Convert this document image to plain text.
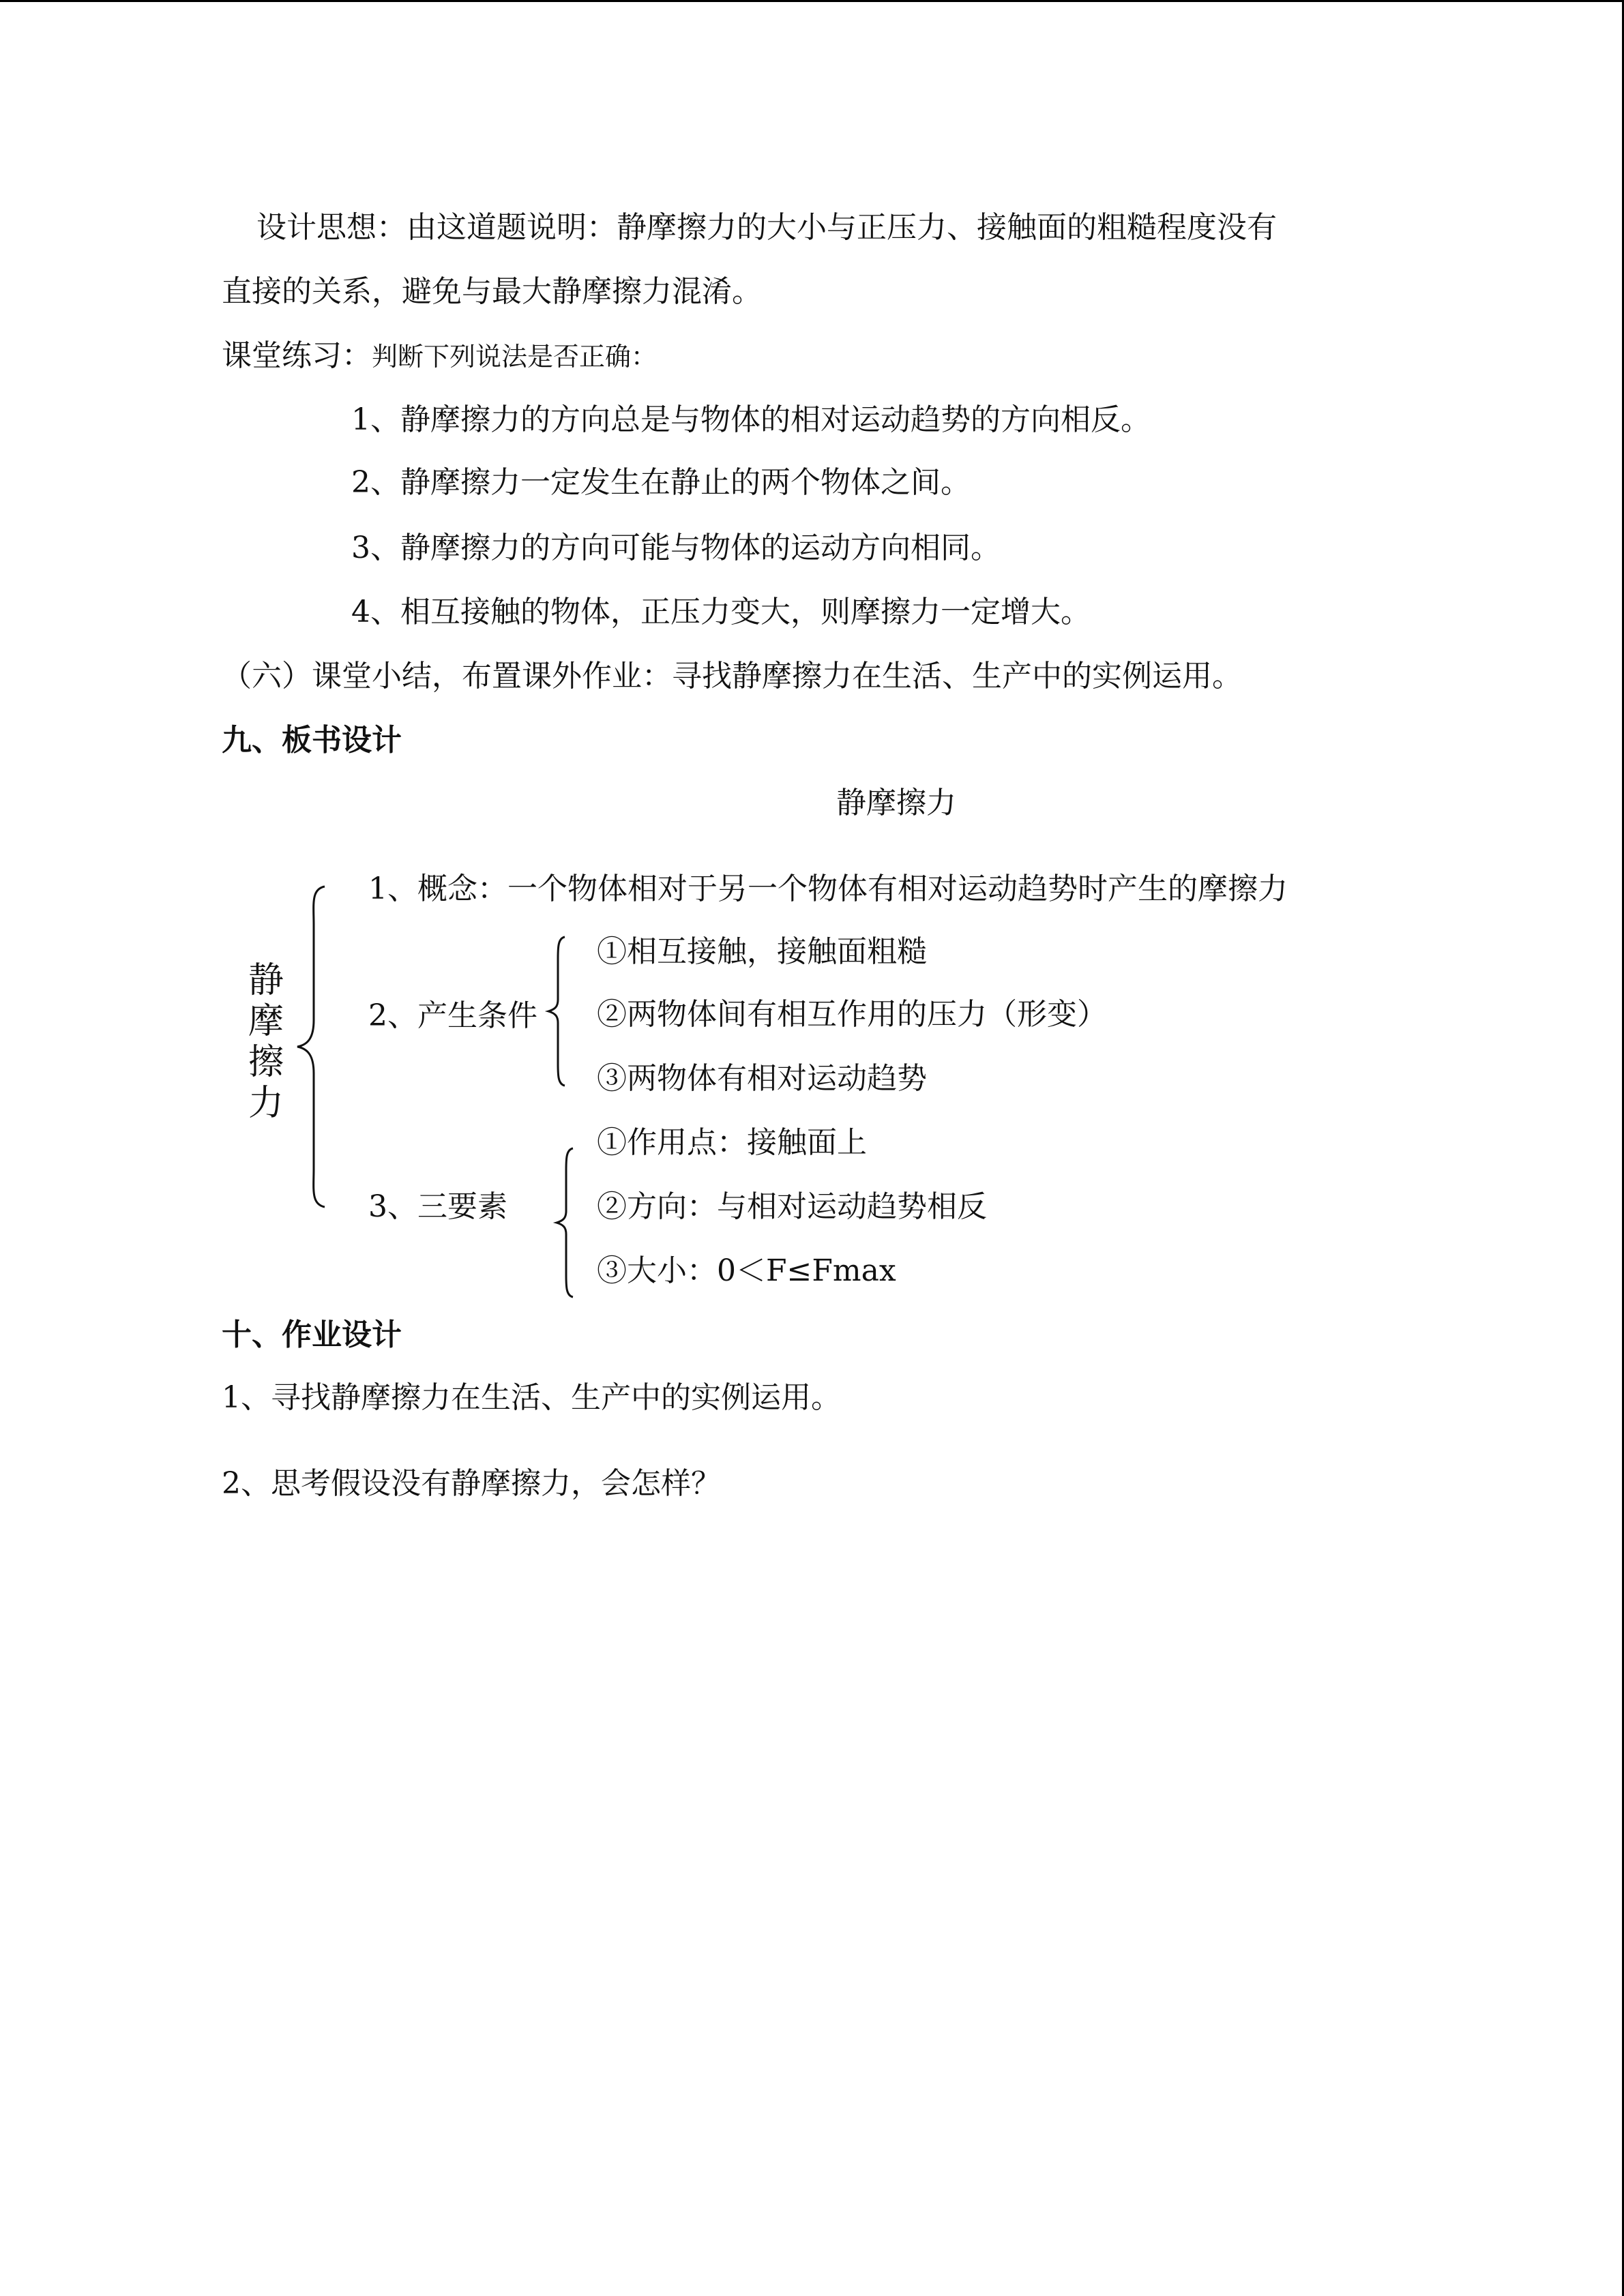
设计思想：由这道题说明：静摩擦力的大小与正压力、接触面的粗糙程度没有
直接的关系，避免与最大静摩擦力混淆。
课堂练习：判断下列说法是否正确：
1、静摩擦力的方向总是与物体的相对运动趋势的方向相反。
2、静摩擦力一定发生在静止的两个物体之间。
3、静摩擦力的方向可能与物体的运动方向相同。
4、相互接触的物体，正压力变大，则摩擦力一定增大。
（六）课堂小结，布置课外作业：寻找静摩擦力在生活、生产中的实例运用。
九、板书设计
静摩擦力
静
摩
擦
力
1、概念：一个物体相对于另一个物体有相对运动趋势时产生的摩擦力
2、产生条件
①相互接触，接触面粗糙
②两物体间有相互作用的压力（形变）
③两物体有相对运动趋势
3、三要素
①作用点：接触面上
②方向：与相对运动趋势相反
③大小：0＜F≤Fmax
十、作业设计
1、寻找静摩擦力在生活、生产中的实例运用。
2、思考假设没有静摩擦力，会怎样？
